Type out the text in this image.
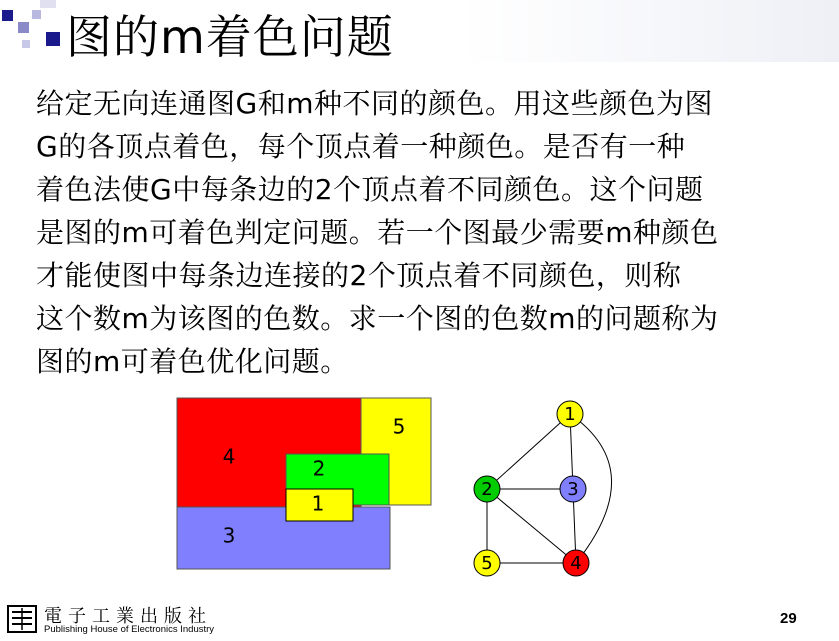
图的m着色问题
给定无向连通图G和m种不同的颜色。用这些颜色为图
G的各顶点着色，每个顶点着一种颜色。是否有一种
着色法使G中每条边的2个顶点着不同颜色。这个问题
是图的m可着色判定问题。若一个图最少需要m种颜色
才能使图中每条边连接的2个顶点着不同颜色，则称
这个数m为该图的色数。求一个图的色数m的问题称为
图的m可着色优化问题。
4
5
2
1
3
1
2	3
4
5
電子工業出版社
Publishing House of Electronics Industry
29
